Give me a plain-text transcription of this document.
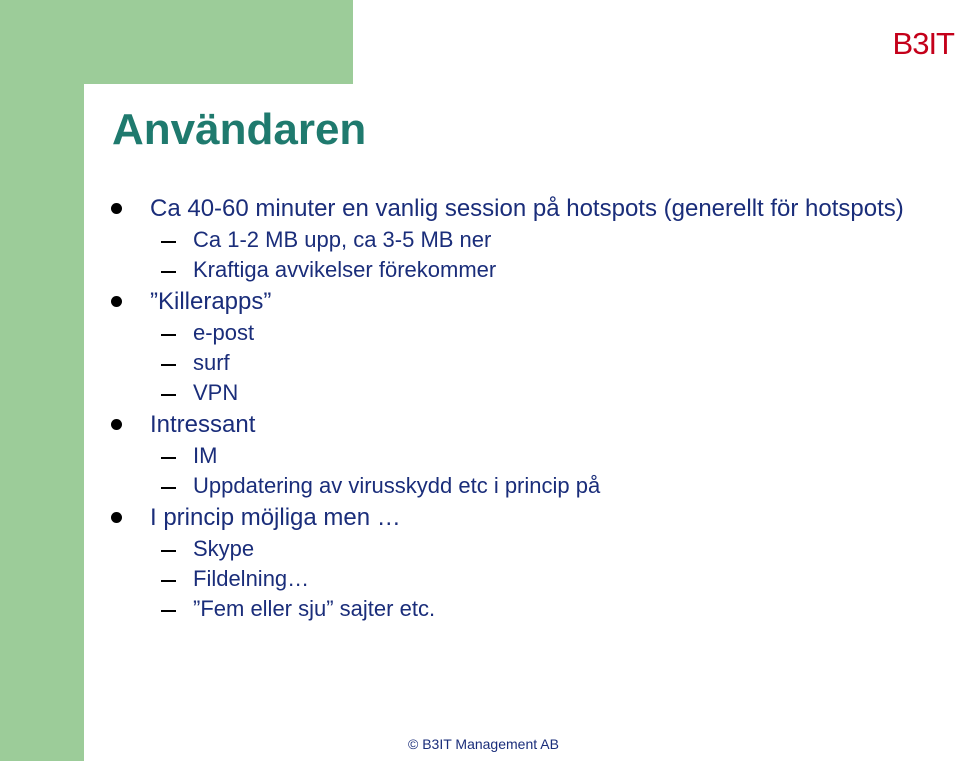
B3IT
Användaren
Ca 40-60 minuter en vanlig session på hotspots (generellt för hotspots)
Ca 1-2 MB upp, ca 3-5 MB ner
Kraftiga avvikelser förekommer
”Killerapps”
e-post
surf
VPN
Intressant
IM
Uppdatering av virusskydd etc i princip på
I princip möjliga men …
Skype
Fildelning…
”Fem eller sju” sajter etc.
© B3IT Management AB
